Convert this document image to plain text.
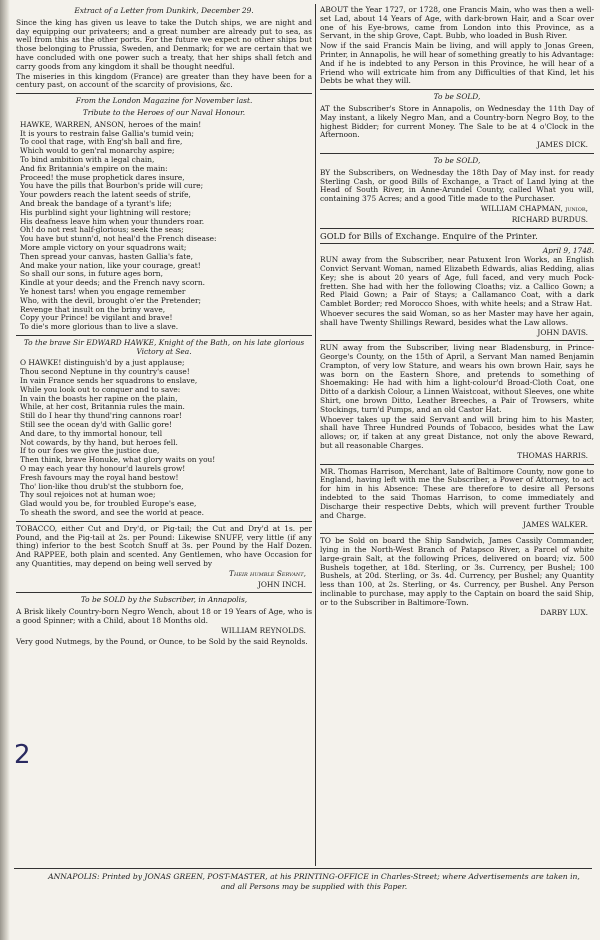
Extract of a Letter from Dunkirk, December 29.

Since the king has given us leave to take the Dutch ships, we are night and day equipping our privateers; and a great number are already put to sea, as well from this as the other ports. For the future we expect no other ships but those belonging to Prussia, Sweden, and Denmark; for we are certain that we have concluded with one power such a treaty, that her ships shall fetch and carry goods from any kingdom it shall be thought needful.

The miseries in this kingdom (France) are greater than they have been for a century past, on account of the scarcity of provisions, &c.

From the London Magazine for November last.
Tribute to the Heroes of our Naval Honour.

HAWKE, WARREN, ANSON, heroes of the main!

It is yours to restrain false Gallia's tumid vein;

To cool that rage, with Eng'sh ball and fire,

Which would to gen'ral monarchy aspire;

To bind ambition with a legal chain,

And fix Britannia's empire on the main:

Proceed! the muse prophetick dares insure,

You have the pills that Bourbon's pride will cure;

Your powders reach the latent seeds of strife,

And break the bandage of a tyrant's life;

His purblind sight your lightning will restore;

His deafness leave him when your thunders roar.

Oh! do not rest half-glorious; seek the seas;

You have but stunn'd, not heal'd the French disease:

More ample victory on your squadrons wait;

Then spread your canvas, hasten Gallia's fate,

And make your nation, like your courage, great!

So shall our sons, in future ages born,

Kindle at your deeds; and the French navy scorn.

Ye honest tars! when you engage remember

Who, with the devil, brought o'er the Pretender;

Revenge that insult on the briny wave,

Copy your Prince! be vigilant and brave!

To die's more glorious than to live a slave.

To the brave Sir EDWARD HAWKE, Knight of the Bath, on his late glorious Victory at Sea.

O HAWKE! distinguish'd by a just applause;

Thou second Neptune in thy country's cause!

In vain France sends her squadrons to enslave,

While you look out to conquer and to save:

In vain the boasts her rapine on the plain,

While, at her cost, Britannia rules the main.

Still do I hear thy thund'ring cannons roar!

Still see the ocean dy'd with Gallic gore!

And dare, to thy immortal honour, tell

Not cowards, by thy hand, but heroes fell.

If to our foes we give the justice due,

Then think, brave Honuke, what glory waits on you!

O may each year thy honour'd laurels grow!

Fresh favours may the royal hand bestow!

Tho' lion-like thou drub'st the stubborn foe,

Thy soul rejoices not at human woe;

Glad would you be, for troubled Europe's ease,

To sheath the sword, and see the world at peace.

TOBACCO, either Cut and Dry'd, or Pig-tail; the Cut and Dry'd at 1s. per Pound, and the Pig-tail at 2s. per Pound: Likewise SNUFF, very little (if any thing) inferior to the best Scotch Snuff at 3s. per Pound by the Half Dozen. And RAPPEE, both plain and scented. Any Gentlemen, who have Occasion for any Quantities, may depend on being well served by

Their humble Servant,
JOHN INCH.
To be SOLD by the Subscriber, in Annapolis,

A Brisk likely Country-born Negro Wench, about 18 or 19 Years of Age, who is a good Spinner; with a Child, about 18 Months old.

WILLIAM REYNOLDS.

Very good Nutmegs, by the Pound, or Ounce, to be Sold by the said Reynolds.

ABOUT the Year 1727, or 1728, one Francis Main, who was then a well-set Lad, about 14 Years of Age, with dark-brown Hair, and a Scar over one of his Eye-brows, came from London into this Province, as a Servant, in the ship Grove, Capt. Bubb, who loaded in Bush River.

Now if the said Francis Main be living, and will apply to Jonas Green, Printer, in Annapolis, he will hear of something greatly to his Advantage: And if he is indebted to any Person in this Province, he will hear of a Friend who will extricate him from any Difficulties of that Kind, let his Debts be what they will.

To be SOLD,

AT the Subscriber's Store in Annapolis, on Wednesday the 11th Day of May instant, a likely Negro Man, and a Country-born Negro Boy, to the highest Bidder; for current Money. The Sale to be at 4 o'Clock in the Afternoon.

JAMES DICK.
To be SOLD,

BY the Subscribers, on Wednesday the 18th Day of May inst. for ready Sterling Cash, or good Bills of Exchange, a Tract of Land lying at the Head of South River, in Anne-Arundel County, called What you will, containing 375 Acres; and a good Title made to the Purchaser.

WILLIAM CHAPMAN, junior,
RICHARD BURDUS.

GOLD for Bills of Exchange. Enquire of the Printer.

April 9, 1748.

RUN away from the Subscriber, near Patuxent Iron Works, an English Convict Servant Woman, named Elizabeth Edwards, alias Redding, alias Key; she is about 20 years of Age, full faced, and very much Pock-fretten. She had with her the following Cloaths; viz. a Callico Gown; a Red Plaid Gown; a Pair of Stays; a Callamanco Coat, with a dark Camblet Border; red Morocco Shoes, with white heels; and a Straw Hat.

Whoever secures the said Woman, so as her Master may have her again, shall have Twenty Shillings Reward, besides what the Law allows.

JOHN DAVIS.

RUN away from the Subscriber, living near Bladensburg, in Prince-George's County, on the 15th of April, a Servant Man named Benjamin Crampton, of very low Stature, and wears his own brown Hair, says he was born on the Eastern Shore, and pretends to something of Shoemaking: He had with him a light-colour'd Broad-Cloth Coat, one Ditto of a darkish Colour, a Linnen Waistcoat, without Sleeves, one white Shirt, one brown Ditto, Leather Breeches, a Pair of Trowsers, white Stockings, turn'd Pumps, and an old Castor Hat.

Whoever takes up the said Servant and will bring him to his Master, shall have Three Hundred Pounds of Tobacco, besides what the Law allows; or, if taken at any great Distance, not only the above Reward, but all reasonable Charges.

THOMAS HARRIS.

MR. Thomas Harrison, Merchant, late of Baltimore County, now gone to England, having left with me the Subscriber, a Power of Attorney, to act for him in his Absence: These are therefore to desire all Persons indebted to the said Thomas Harrison, to come immediately and Discharge their respective Debts, which will prevent further Trouble and Charge.

JAMES WALKER.

TO be Sold on board the Ship Sandwich, James Cassily Commander, lying in the North-West Branch of Patapsco River, a Parcel of white large-grain Salt, at the following Prices, delivered on board; viz. 500 Bushels together, at 18d. Sterling, or 3s. Currency, per Bushel; 100 Bushels, at 20d. Sterling, or 3s. 4d. Currency, per Bushel; any Quantity less than 100, at 2s. Sterling, or 4s. Currency, per Bushel. Any Person inclinable to purchase, may apply to the Captain on board the said Ship, or to the Subscriber in Baltimore-Town.

DARBY LUX.
ANNAPOLIS: Printed by JONAS GREEN, POST-MASTER, at his PRINTING-OFFICE in Charles-Street; where Advertisements are taken in, and all Persons may be supplied with this Paper.
2
